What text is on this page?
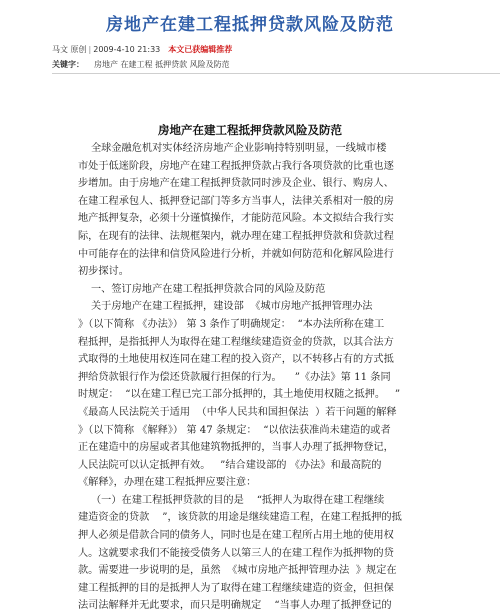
房地产在建工程抵押贷款风险及防范
马文 原创 | 2009-4-10 21:33 本文已获编辑推荐
关键字： 房地产 在建工程 抵押贷款 风险及防范
房地产在建工程抵押贷款风险及防范
全球金融危机对实体经济房地产企业影响持特别明显，一线城市楼
市处于低迷阶段，房地产在建工程抵押贷款占我行各项贷款的比重也逐
步增加。由于房地产在建工程抵押贷款同时涉及企业、银行、购房人、
在建工程承包人、抵押登记部门等多方当事人，法律关系相对一般的房
地产抵押复杂，必须十分谨慎操作，才能防范风险。本文拟结合我行实
际，在现有的法律、法规框架内，就办理在建工程抵押贷款和贷款过程
中可能存在的法律和信贷风险进行分析，并就如何防范和化解风险进行
初步探讨。
一、签订房地产在建工程抵押贷款合同的风险及防范
关于房地产在建工程抵押，建设部  《城市房地产抵押管理办法
》（以下简称 《办法》） 第 3 条作了明确规定：  “本办法所称在建工
程抵押，是指抵押人为取得在建工程继续建造资金的贷款，以其合法方
式取得的土地使用权连同在建工程的投入资产，以不转移占有的方式抵
押给贷款银行作为偿还贷款履行担保的行为。    ”《办法》第 11 条同
时规定：  “以在建工程已完工部分抵押的，其土地使用权随之抵押。   ”
《最高人民法院关于适用  （中华人民共和国担保法  ）若干问题的解释
》（以下简称 《解释》） 第 47 条规定：  “以依法获准尚未建造的或者
正在建造中的房屋或者其他建筑物抵押的，当事人办理了抵押物登记，
人民法院可以认定抵押有效。   ”结合建设部的 《办法》和最高院的
《解释》，办理在建工程抵押应要注意：
（一）在建工程抵押贷款的目的是    “抵押人为取得在建工程继续
建造资金的贷款    ”，该贷款的用途是继续建造工程，在建工程抵押的抵
押人必须是借款合同的债务人，同时也是在建工程所占用土地的使用权
人。这就要求我们不能接受债务人以第三人的在建工程作为抵押物的贷
款。需要进一步说明的是，虽然  《城市房地产抵押管理办法  》规定在
建工程抵押的目的是抵押人为了取得在建工程继续建造的资金，但担保
法司法解释并无此要求，而只是明确规定    “当事人办理了抵押登记的
